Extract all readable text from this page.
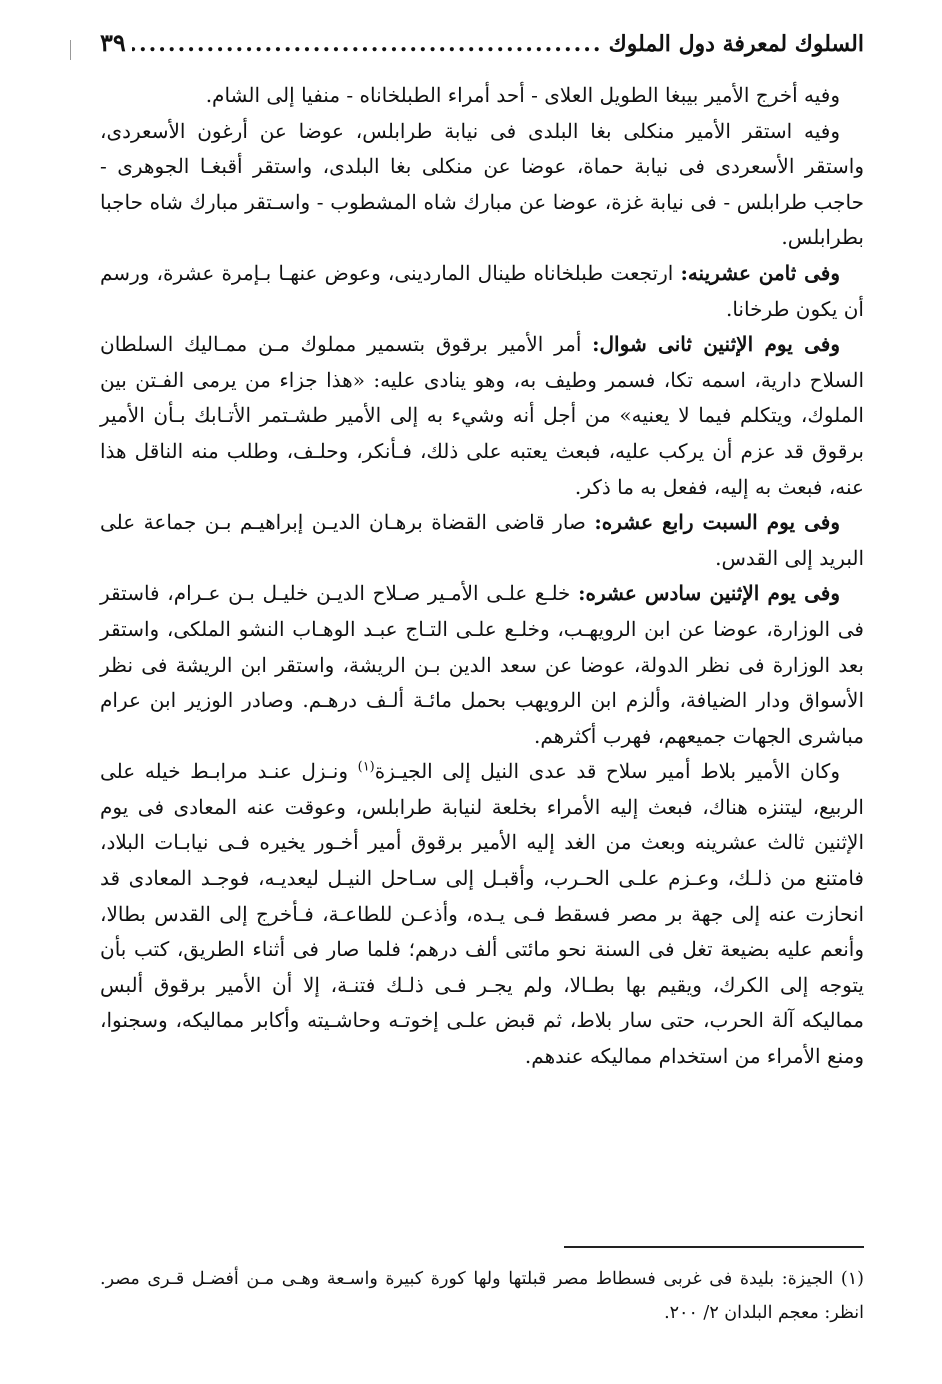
السلوك لمعرفة دول الملوك
.....
٣٩

وفيه أخرج الأمير بيبغا الطويل العلاى - أحد أمراء الطبلخاناه - منفيا إلى الشام.

وفيه استقر الأمير منكلى بغا البلدى فى نيابة طرابلس، عوضا عن أرغون الأسعردى، واستقر الأسعردى فى نيابة حماة، عوضا عن منكلى بغا البلدى، واستقر أقبغـا الجوهرى - حاجب طرابلس - فى نيابة غزة، عوضا عن مبارك شاه المشطوب - واسـتقر مبارك شاه حاجبا بطرابلس.

وفى ثامن عشرينه: ارتجعت طبلخاناه طينال الماردينى، وعوض عنهـا بـإمرة عشرة، ورسم أن يكون طرخانا.

وفى يوم الإثنين ثانى شوال: أمر الأمير برقوق بتسمير مملوك مـن ممـاليك السلطان السلاح دارية، اسمه تكا، فسمر وطيف به، وهو ينادى عليه: «هذا جزاء من يرمى الفـتن بين الملوك، ويتكلم فيما لا يعنيه» من أجل أنه وشيء به إلى الأمير طشـتمر الأتـابك بـأن الأمير برقوق قد عزم أن يركب عليه، فبعث يعتبه على ذلك، فـأنكر، وحلـف، وطلب منه الناقل هذا عنه، فبعث به إليه، ففعل به ما ذكر.

وفى يوم السبت رابع عشره: صار قاضى القضاة برهـان الديـن إبراهيـم بـن جماعة على البريد إلى القدس.

وفى يوم الإثنين سادس عشره: خلـع علـى الأمـير صـلاح الديـن خليـل بـن عـرام، فاستقر فى الوزارة، عوضا عن ابن الرويهـب، وخلـع علـى التـاج عبـد الوهـاب النشو الملكى، واستقر بعد الوزارة فى نظر الدولة، عوضا عن سعد الدين بـن الريشة، واستقر ابن الريشة فى نظر الأسواق ودار الضيافة، وألزم ابن الرويهب بحمل مائـة ألـف درهـم. وصادر الوزير ابن عرام مباشرى الجهات جميعهم، فهرب أكثرهم.

وكان الأمير بلاط أمير سلاح قد عدى النيل إلى الجيـزة$^{(١)}$ ونـزل عنـد مرابـط خيله على الربيع، ليتنزه هناك، فبعث إليه الأمراء بخلعة لنيابة طرابلس، وعوقت عنه المعادى فى يوم الإثنين ثالث عشرينه وبعث من الغد إليه الأمير برقوق أمير أخـور يخيره فـى نيابـات البلاد، فامتنع من ذلـك، وعـزم علـى الحـرب، وأقبـل إلى سـاحل النيـل ليعديـه، فوجـد المعادى قد انحازت عنه إلى جهة بر مصر فسقط فـى يـده، وأذعـن للطاعـة، فـأخرج إلى القدس بطالا، وأنعم عليه بضيعة تغل فى السنة نحو مائتى ألف درهم؛ فلما صار فى أثناء الطريق، كتب بأن يتوجه إلى الكرك، ويقيم بها بطـالا، ولم يجـر فـى ذلـك فتنـة، إلا أن الأمير برقوق ألبس مماليكه آلة الحرب، حتى سار بلاط، ثم قبض علـى إخوتـه وحاشـيته وأكابر مماليكه، وسجنوا، ومنع الأمراء من استخدام مماليكه عندهم.

(١) الجيزة: بليدة فى غربى فسطاط مصر قبلتها ولها كورة كبيرة واسـعة وهـى مـن أفضـل قـرى مصر. انظر: معجم البلدان ٢/ ٢٠٠.
